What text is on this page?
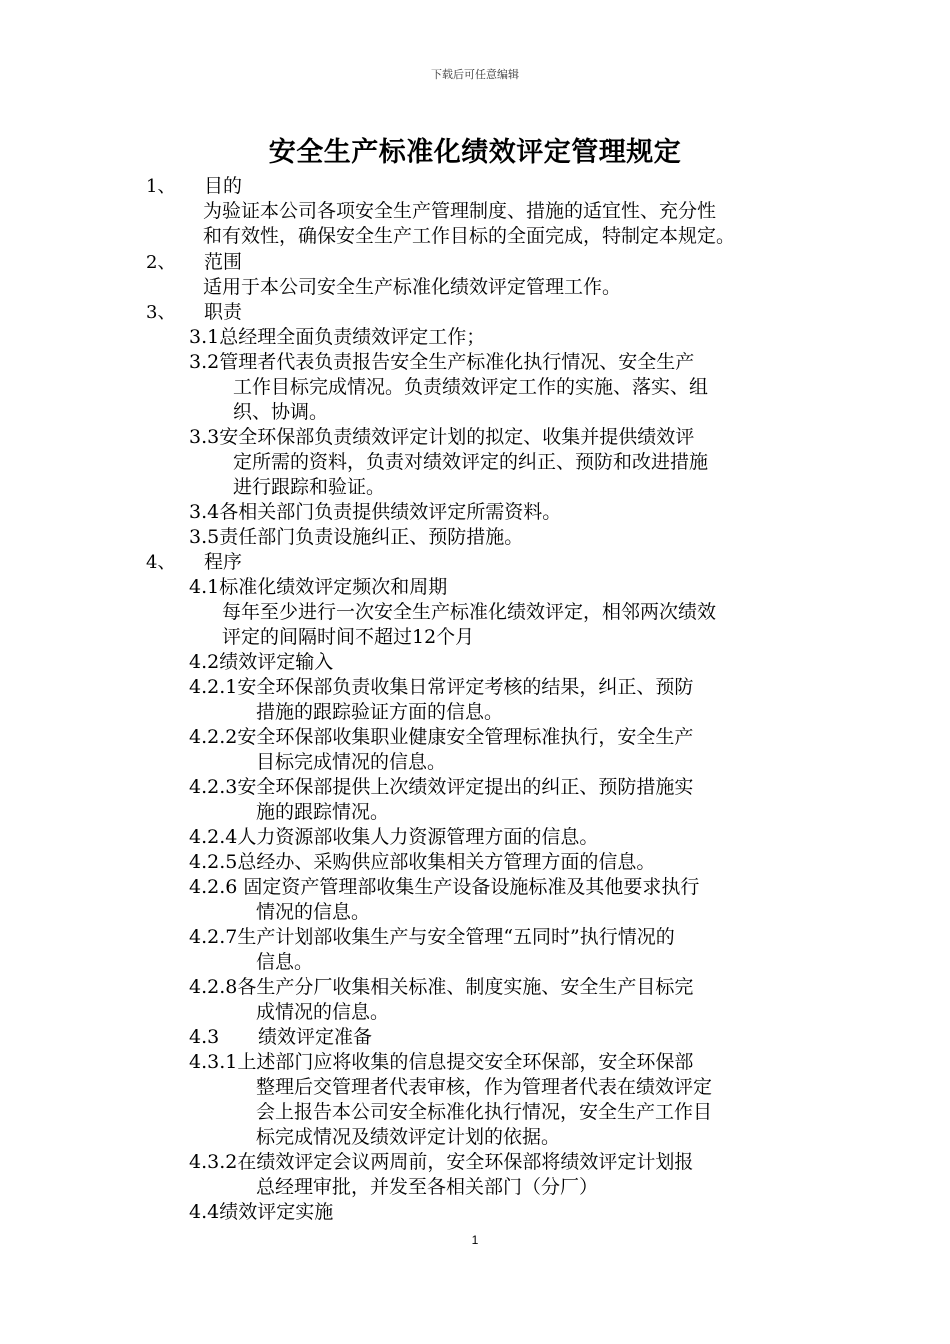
下载后可任意编辑
安全生产标准化绩效评定管理规定
1、 目的
为验证本公司各项安全生产管理制度、措施的适宜性、充分性
和有效性，确保安全生产工作目标的全面完成，特制定本规定。
2、 范围
适用于本公司安全生产标准化绩效评定管理工作。
3、 职责
3.1总经理全面负责绩效评定工作；
3.2管理者代表负责报告安全生产标准化执行情况、安全生产
工作目标完成情况。负责绩效评定工作的实施、落实、组
织、协调。
3.3安全环保部负责绩效评定计划的拟定、收集并提供绩效评
定所需的资料，负责对绩效评定的纠正、预防和改进措施
进行跟踪和验证。
3.4各相关部门负责提供绩效评定所需资料。
3.5责任部门负责设施纠正、预防措施。
4、 程序
4.1标准化绩效评定频次和周期
每年至少进行一次安全生产标准化绩效评定，相邻两次绩效
评定的间隔时间不超过12个月
4.2绩效评定输入
4.2.1安全环保部负责收集日常评定考核的结果，纠正、预防
措施的跟踪验证方面的信息。
4.2.2安全环保部收集职业健康安全管理标准执行，安全生产
目标完成情况的信息。
4.2.3安全环保部提供上次绩效评定提出的纠正、预防措施实
施的跟踪情况。
4.2.4人力资源部收集人力资源管理方面的信息。
4.2.5总经办、采购供应部收集相关方管理方面的信息。
4.2.6 固定资产管理部收集生产设备设施标准及其他要求执行
情况的信息。
4.2.7生产计划部收集生产与安全管理“五同时”执行情况的
信息。
4.2.8各生产分厂收集相关标准、制度实施、安全生产目标完
成情况的信息。
4.3 绩效评定准备
4.3.1上述部门应将收集的信息提交安全环保部，安全环保部
整理后交管理者代表审核，作为管理者代表在绩效评定
会上报告本公司安全标准化执行情况，安全生产工作目
标完成情况及绩效评定计划的依据。
4.3.2在绩效评定会议两周前，安全环保部将绩效评定计划报
总经理审批，并发至各相关部门（分厂）
4.4绩效评定实施
1
